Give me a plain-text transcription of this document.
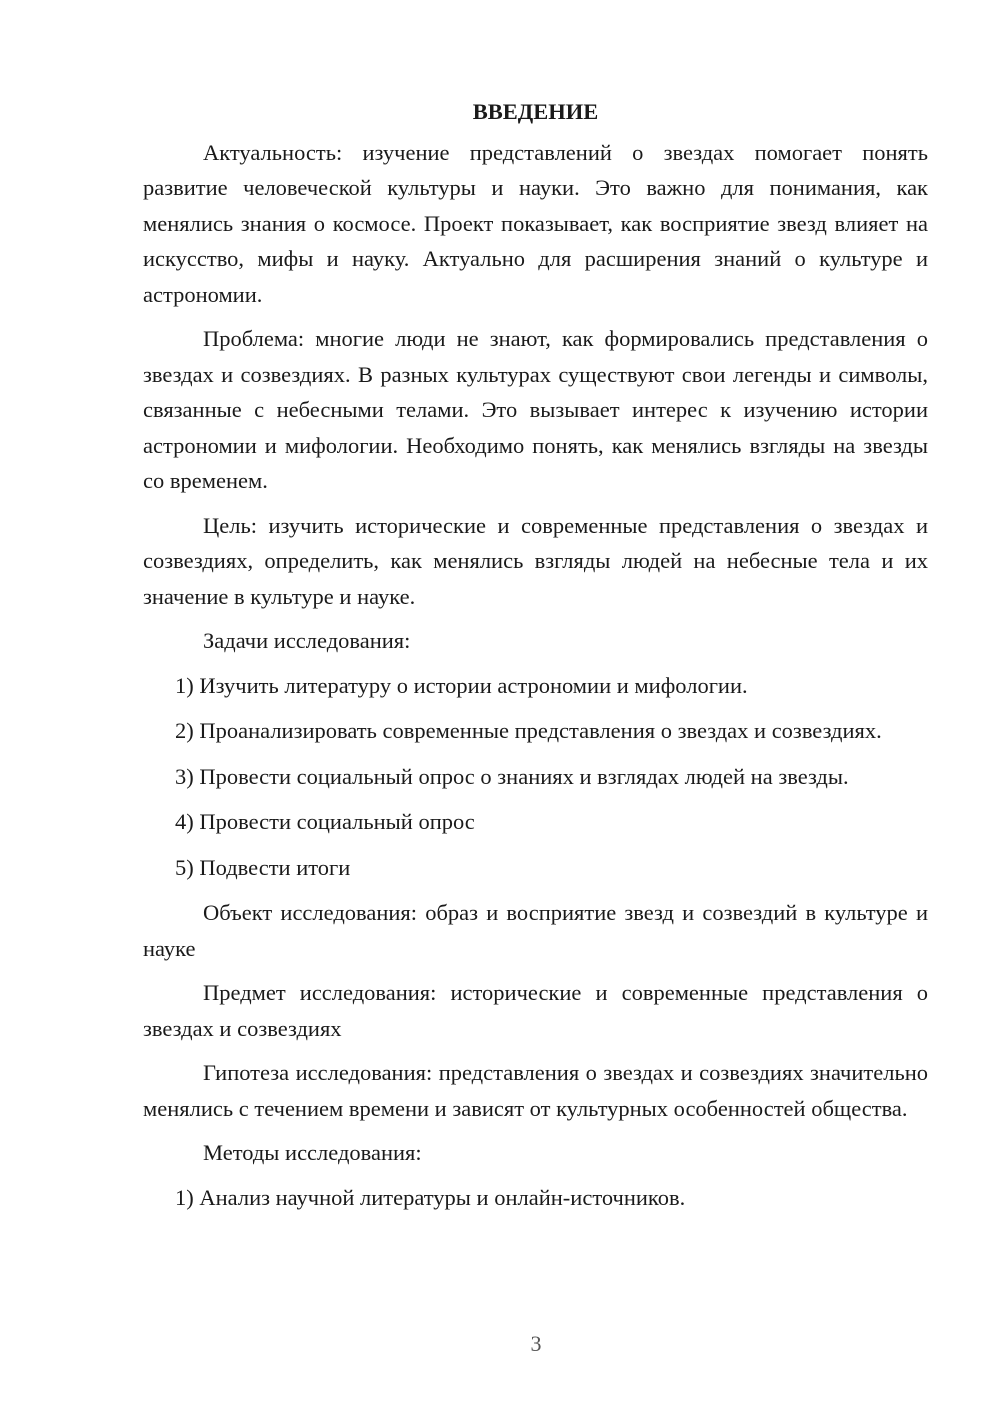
ВВЕДЕНИЕ

Актуальность: изучение представлений о звездах помогает понять развитие человеческой культуры и науки. Это важно для понимания, как менялись знания о космосе. Проект показывает, как восприятие звезд влияет на искусство, мифы и науку. Актуально для расширения знаний о культуре и астрономии.

Проблема: многие люди не знают, как формировались представления о звездах и созвездиях. В разных культурах существуют свои легенды и символы, связанные с небесными телами. Это вызывает интерес к изучению истории астрономии и мифологии. Необходимо понять, как менялись взгляды на звезды со временем.

Цель: изучить исторические и современные представления о звездах и созвездиях, определить, как менялись взгляды людей на небесные тела и их значение в культуре и науке.

Задачи исследования:

1) Изучить литературу о истории астрономии и мифологии.

2) Проанализировать современные представления о звездах и созвездиях.

3) Провести социальный опрос о знаниях и взглядах людей на звезды.

4) Провести социальный опрос

5) Подвести итоги

Объект исследования: образ и восприятие звезд и созвездий в культуре и науке

Предмет исследования: исторические и современные представления о звездах и созвездиях

Гипотеза исследования: представления о звездах и созвездиях значительно менялись с течением времени и зависят от культурных особенностей общества.

Методы исследования:

1) Анализ научной литературы и онлайн-источников.

3
